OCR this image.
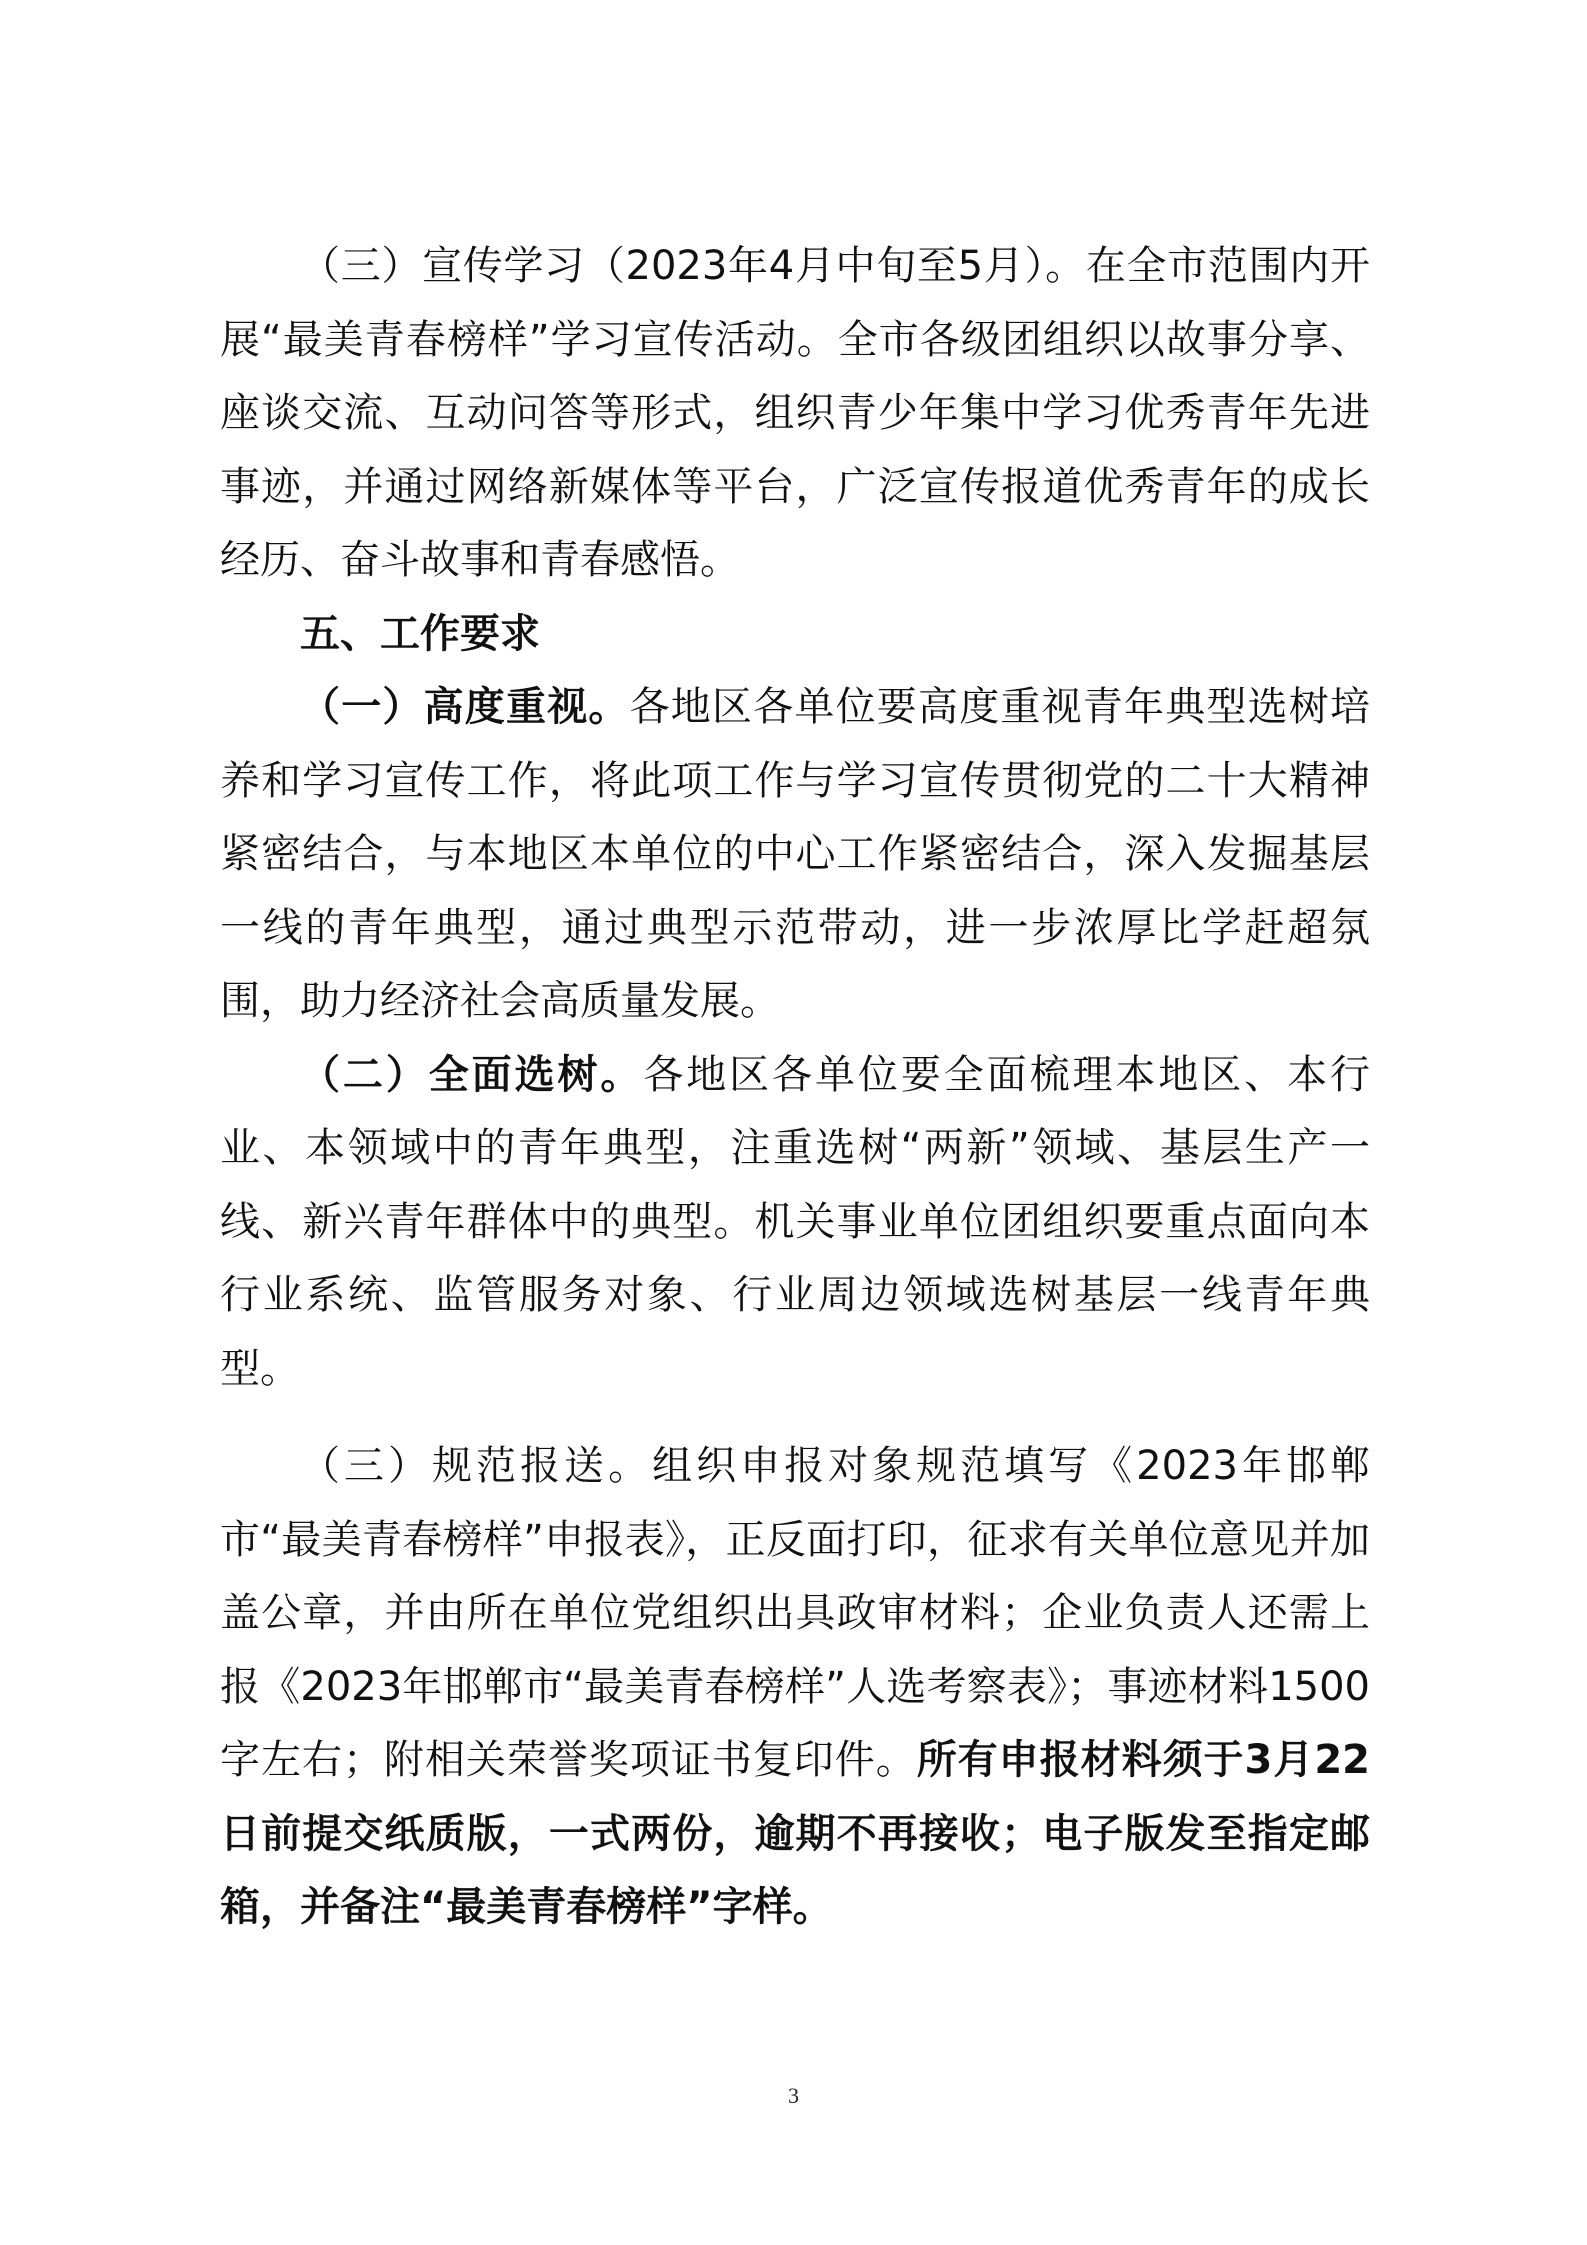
（三）宣传学习（2023年4月中旬至5月）。在全市范围内开展“最美青春榜样”学习宣传活动。全市各级团组织以故事分享、座谈交流、互动问答等形式，组织青少年集中学习优秀青年先进事迹，并通过网络新媒体等平台，广泛宣传报道优秀青年的成长经历、奋斗故事和青春感悟。

五、工作要求

（一）高度重视。各地区各单位要高度重视青年典型选树培养和学习宣传工作，将此项工作与学习宣传贯彻党的二十大精神紧密结合，与本地区本单位的中心工作紧密结合，深入发掘基层一线的青年典型，通过典型示范带动，进一步浓厚比学赶超氛围，助力经济社会高质量发展。

（二）全面选树。各地区各单位要全面梳理本地区、本行业、本领域中的青年典型，注重选树“两新”领域、基层生产一线、新兴青年群体中的典型。机关事业单位团组织要重点面向本行业系统、监管服务对象、行业周边领域选树基层一线青年典型。

（三）规范报送。组织申报对象规范填写《2023年邯郸市“最美青春榜样”申报表》，正反面打印，征求有关单位意见并加盖公章，并由所在单位党组织出具政审材料；企业负责人还需上报《2023年邯郸市“最美青春榜样”人选考察表》；事迹材料1500字左右；附相关荣誉奖项证书复印件。所有申报材料须于3月22日前提交纸质版，一式两份，逾期不再接收；电子版发至指定邮箱，并备注“最美青春榜样”字样。

3
